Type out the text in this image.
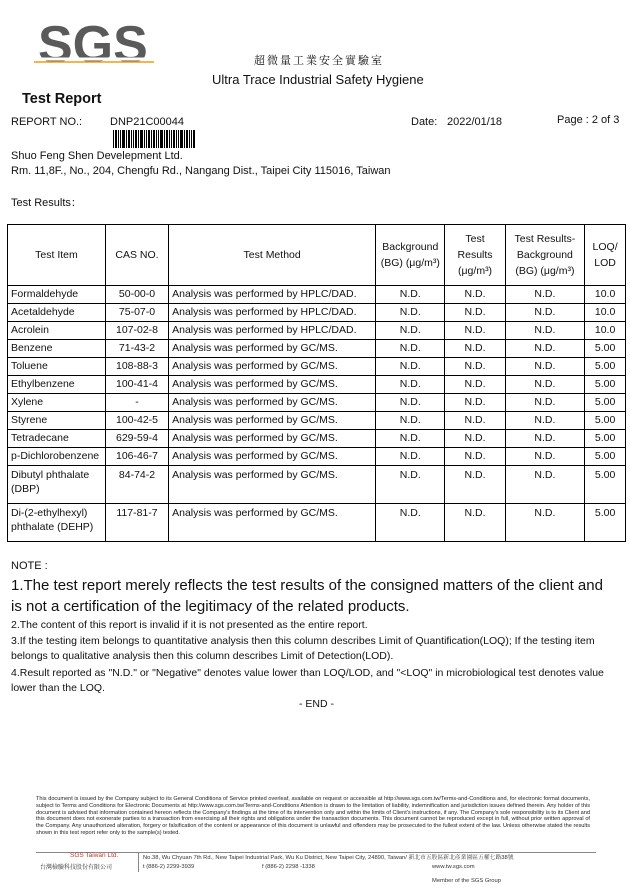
SGS	超微量工業安全實驗室
Ultra Trace Industrial Safety Hygiene
Test Report
REPORT NO.:	DNP21C00044	Date: 2022/01/18	Page : 2 of 3
Shuo Feng Shen Develepment Ltd.
Rm. 11,8F., No., 204, Chengfu Rd., Nangang Dist., Taipei City 115016, Taiwan
Test Results：
Test Item	CAS NO.	Test Method	Background (BG) (μg/m³)	Test Results (μg/m³)	Test Results-Background (BG) (μg/m³)	LOQ/ LOD
Formaldehyde	50-00-0	Analysis was performed by HPLC/DAD.	N.D.	N.D.	N.D.	10.0
Acetaldehyde	75-07-0	Analysis was performed by HPLC/DAD.	N.D.	N.D.	N.D.	10.0
Acrolein	107-02-8	Analysis was performed by HPLC/DAD.	N.D.	N.D.	N.D.	10.0
Benzene	71-43-2	Analysis was performed by GC/MS.	N.D.	N.D.	N.D.	5.00
Toluene	108-88-3	Analysis was performed by GC/MS.	N.D.	N.D.	N.D.	5.00
Ethylbenzene	100-41-4	Analysis was performed by GC/MS.	N.D.	N.D.	N.D.	5.00
Xylene	-	Analysis was performed by GC/MS.	N.D.	N.D.	N.D.	5.00
Styrene	100-42-5	Analysis was performed by GC/MS.	N.D.	N.D.	N.D.	5.00
Tetradecane	629-59-4	Analysis was performed by GC/MS.	N.D.	N.D.	N.D.	5.00
p-Dichlorobenzene	106-46-7	Analysis was performed by GC/MS.	N.D.	N.D.	N.D.	5.00
Dibutyl phthalate (DBP)	84-74-2	Analysis was performed by GC/MS.	N.D.	N.D.	N.D.	5.00
Di-(2-ethylhexyl) phthalate (DEHP)	117-81-7	Analysis was performed by GC/MS.	N.D.	N.D.	N.D.	5.00
NOTE :
1.The test report merely reflects the test results of the consigned matters of the client and is not a certification of the legitimacy of the related products.
2.The content of this report is invalid if it is not presented as the entire report.
3.If the testing item belongs to quantitative analysis then this column describes Limit of Quantification(LOQ); If the testing item belongs to qualitative analysis then this column describes Limit of Detection(LOD).
4.Result reported as "N.D." or "Negative" denotes value lower than LOQ/LOD, and "<LOQ" in microbiological test denotes value lower than the LOQ.
- END -
This document is issued by the Company subject to its General Conditions of Service printed overleaf, available on request or accessible at http://www.sgs.com.tw/Terms-and-Conditions and, for electronic format documents, subject to Terms and Conditions for Electronic Documents at http://www.sgs.com.tw/Terms-and-Conditions Attention is drawn to the limitation of liability, indemnification and jurisdiction issues defined therein. Any holder of this document is advised that information contained hereon reflects the Company's findings at the time of its intervention only and within the limits of Client's instructions, if any. The Company's sole responsibility is to its Client and this document does not exonerate parties to a transaction from exercising all their rights and obligations under the transaction documents. This document cannot be reproduced except in full, without prior written approval of the Company. Any unauthorized alteration, forgery or falsification of the content or appearance of this document is unlawful and offenders may be prosecuted to the fullest extent of the law. Unless otherwise stated the results shown in this test report refer only to the sample(s) tested.
SGS Taiwan Ltd.
台灣檢驗科技股份有限公司
No.38, Wu Chyuan 7th Rd., New Taipei Industrial Park, Wu Ku District, New Taipei City, 24890, Taiwan/ 新北市五股區新北產業園區五權七路38號
t (886-2) 2299-3939	f (886-2) 2298 -1338	www.tw.sgs.com
Member of the SGS Group
